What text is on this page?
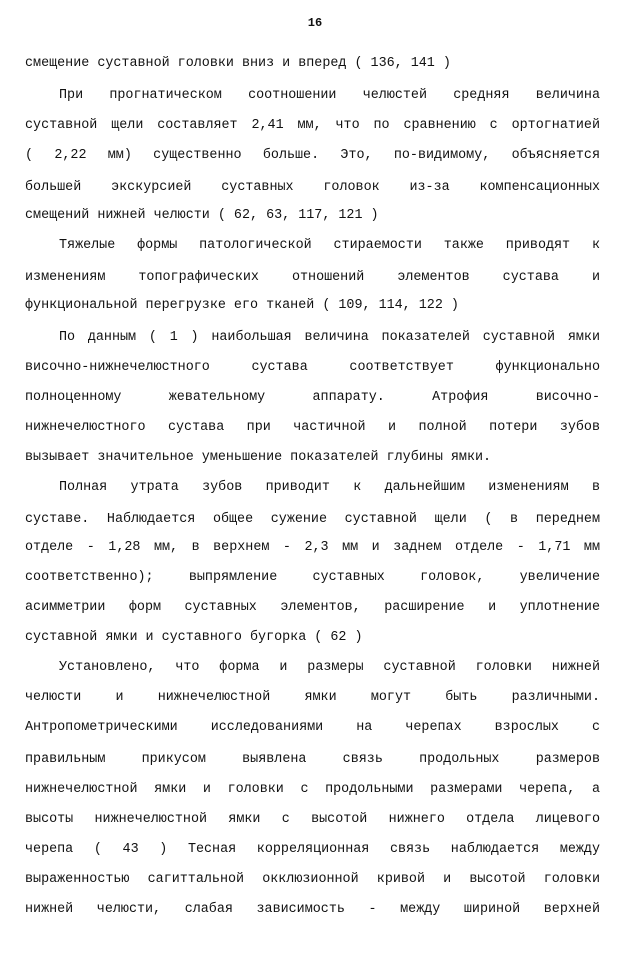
16
смещение суставной головки вниз и вперед ( 136, 141 )
При прогнатическом соотношении челюстей средняя величина
суставной щели составляет 2,41 мм, что по сравнению с ортогнатией
( 2,22 мм) существенно больше. Это, по-видимому, объясняется
большей экскурсией суставных головок из-за компенсационных
смещений нижней челюсти ( 62, 63, 117, 121 )
Тяжелые формы патологической стираемости также приводят к
изменениям топографических отношений элементов сустава и
функциональной перегрузке его тканей ( 109, 114, 122 )
По данным ( 1 ) наибольшая величина показателей суставной ямки
височно-нижнечелюстного сустава соответствует функционально
полноценному жевательному аппарату. Атрофия височно-
нижнечелюстного сустава при частичной и полной потери зубов
вызывает значительное уменьшение показателей глубины ямки.
Полная утрата зубов приводит к дальнейшим изменениям в
суставе. Наблюдается общее сужение суставной щели ( в переднем
отделе - 1,28 мм, в верхнем - 2,3 мм и заднем отделе - 1,71 мм
соответственно); выпрямление суставных головок, увеличение
асимметрии форм суставных элементов, расширение и уплотнение
суставной ямки и суставного бугорка ( 62 )
Установлено, что форма и размеры суставной головки нижней
челюсти и нижнечелюстной ямки могут быть различными.
Антропометрическими исследованиями на черепах взрослых с
правильным прикусом выявлена связь продольных размеров
нижнечелюстной ямки и головки с продольными размерами черепа, а
высоты нижнечелюстной ямки с высотой нижнего отдела лицевого
черепа ( 43 ) Тесная корреляционная связь наблюдается между
выраженностью сагиттальной окклюзионной кривой и высотой головки
нижней челюсти, слабая зависимость - между шириной верхней
